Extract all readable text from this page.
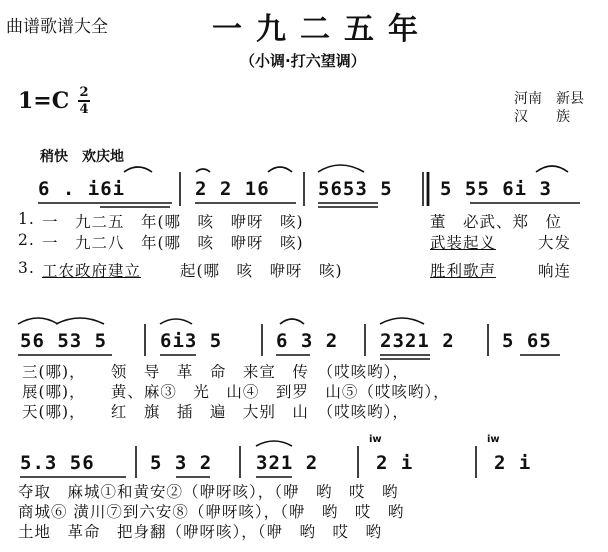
曲谱歌谱大全	一九二五年
（小调·打六望调）
1=C 2
4
河南　新县
汉　　族
稍快　欢庆地
6 . i6i	2 2 16	5653 5 5 55 6i 3
1. 一　九二五　年(哪　咳　咿呀　咳)	董　必武、郑　位
2. 一　九二八　年(哪　咳　咿呀　咳)	武装起义	大发
3. 工农政府建立	起(哪　咳　咿呀　咳)	胜利歌声	响连
56 53 5	6i3 5	6 3 2 2321 2 5 65
三(哪)，　　领　导　革　命　来宣　传　（哎咳哟），
展(哪)，　　黄、麻③　光　山④　到罗　山⑤（哎咳哟），
天(哪)，　　红　旗　插　遍　大别　山　（哎咳哟），
5.3 56	5 3 2 321 2	2 i	2 i
iw	iw
夺取　麻城①和黄安②（咿呀咳），（咿　哟　哎　哟
商城⑥ 潢川⑦到六安⑧（咿呀咳），（咿　哟　哎　哟
土地　革命　把身翻（咿呀咳），（咿　哟　哎　哟
